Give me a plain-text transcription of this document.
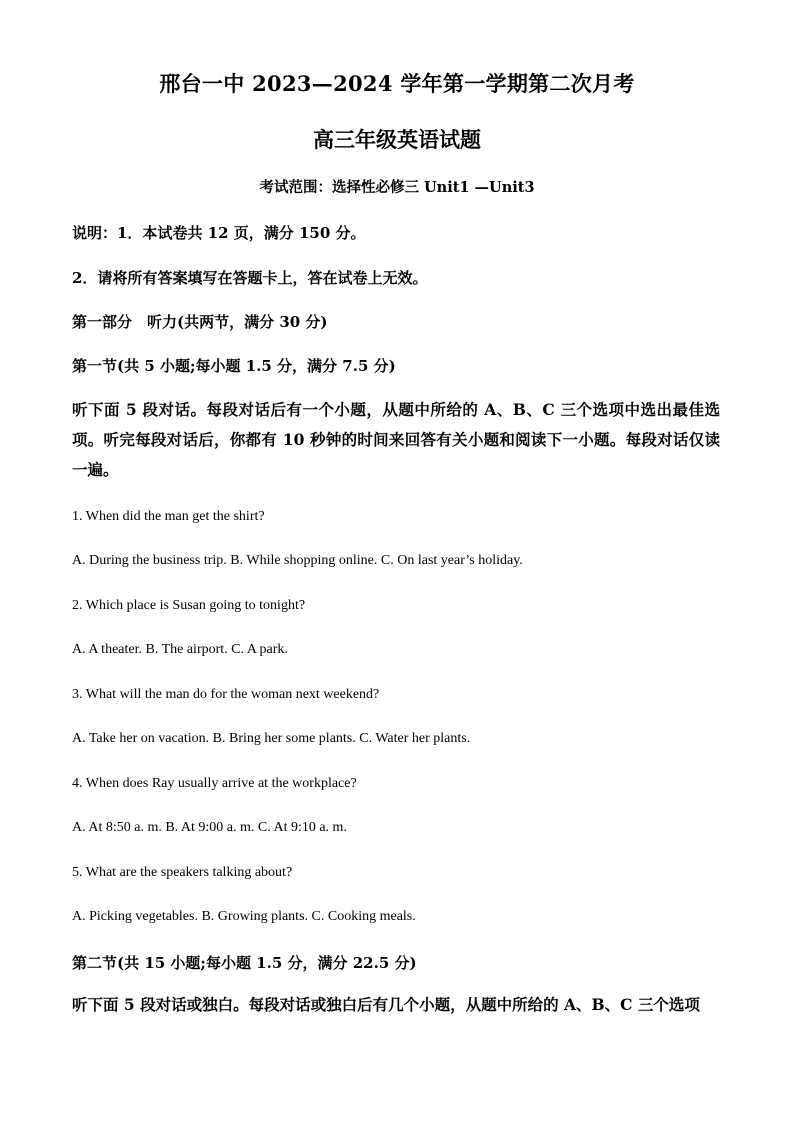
邢台一中 2023—2024 学年第一学期第二次月考
高三年级英语试题
考试范围：选择性必修三 Unit1 —Unit3
说明：1．本试卷共 12 页，满分 150 分。
2．请将所有答案填写在答题卡上，答在试卷上无效。
第一部分　听力(共两节，满分 30 分)
第一节(共 5 小题;每小题 1.5 分，满分 7.5 分)
听下面 5 段对话。每段对话后有一个小题，从题中所给的 A、B、C 三个选项中选出最佳选项。听完每段对话后，你都有 10 秒钟的时间来回答有关小题和阅读下一小题。每段对话仅读一遍。
1. When did the man get the shirt?
A. During the business trip. B. While shopping online. C. On last year’s holiday.
2. Which place is Susan going to tonight?
A. A theater. B. The airport. C. A park.
3. What will the man do for the woman next weekend?
A. Take her on vacation. B. Bring her some plants. C. Water her plants.
4. When does Ray usually arrive at the workplace?
A. At 8:50 a. m. B. At 9:00 a. m. C. At 9:10 a. m.
5. What are the speakers talking about?
A. Picking vegetables. B. Growing plants. C. Cooking meals.
第二节(共 15 小题;每小题 1.5 分，满分 22.5 分)
听下面 5 段对话或独白。每段对话或独白后有几个小题，从题中所给的 A、B、C 三个选项
